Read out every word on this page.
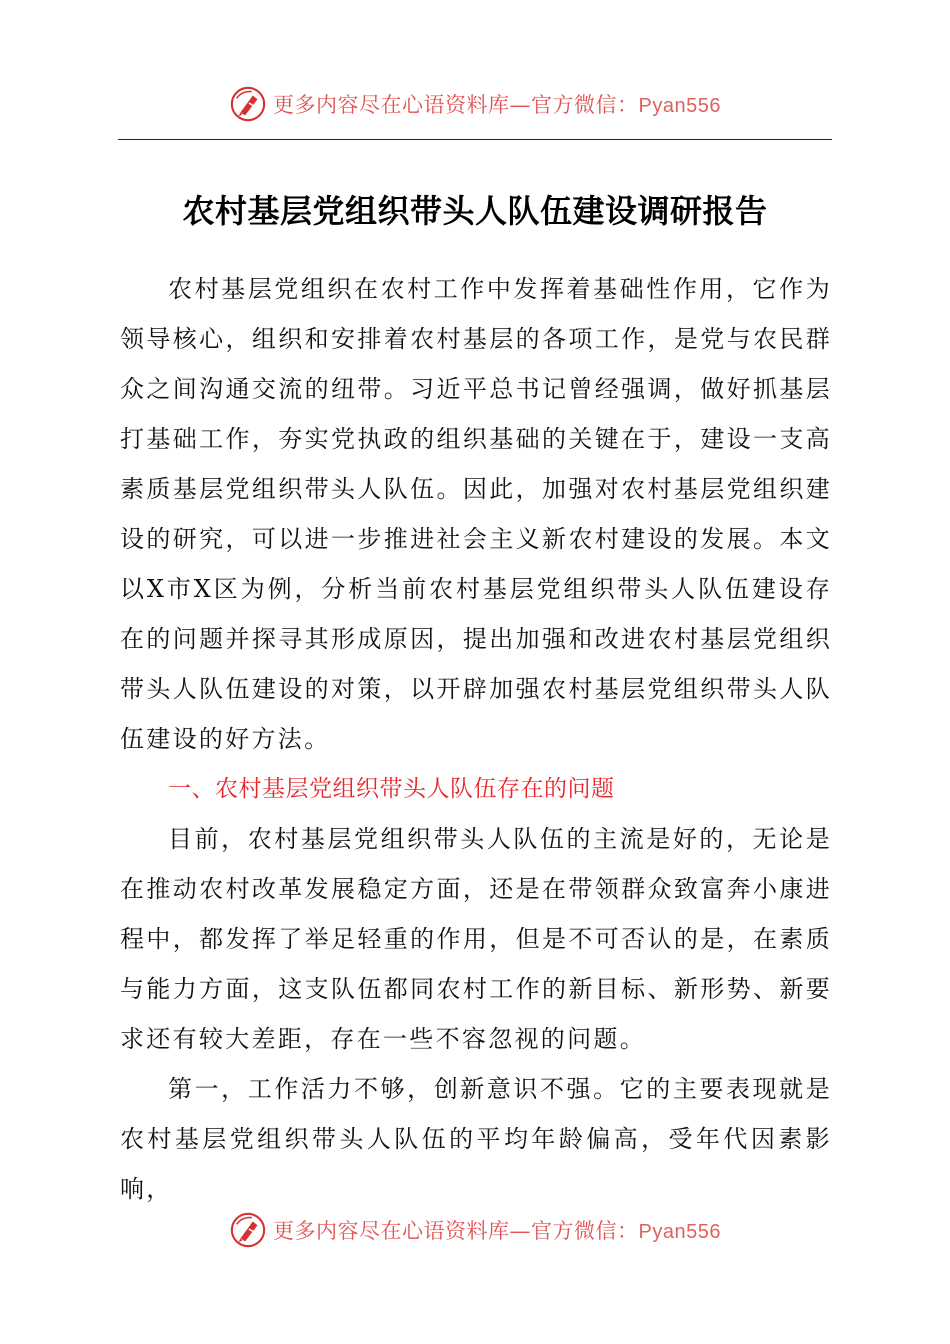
更多内容尽在心语资料库—官方微信：Pyan556
农村基层党组织带头人队伍建设调研报告

农村基层党组织在农村工作中发挥着基础性作用，它作为领导核心，组织和安排着农村基层的各项工作，是党与农民群众之间沟通交流的纽带。习近平总书记曾经强调，做好抓基层打基础工作，夯实党执政的组织基础的关键在于，建设一支高素质基层党组织带头人队伍。因此，加强对农村基层党组织建设的研究，可以进一步推进社会主义新农村建设的发展。本文以X市X区为例，分析当前农村基层党组织带头人队伍建设存在的问题并探寻其形成原因，提出加强和改进农村基层党组织带头人队伍建设的对策，以开辟加强农村基层党组织带头人队伍建设的好方法。

一、农村基层党组织带头人队伍存在的问题

目前，农村基层党组织带头人队伍的主流是好的，无论是在推动农村改革发展稳定方面，还是在带领群众致富奔小康进程中，都发挥了举足轻重的作用，但是不可否认的是，在素质与能力方面，这支队伍都同农村工作的新目标、新形势、新要求还有较大差距，存在一些不容忽视的问题。

第一，工作活力不够，创新意识不强。它的主要表现就是农村基层党组织带头人队伍的平均年龄偏高，受年代因素影响，

更多内容尽在心语资料库—官方微信：Pyan556
